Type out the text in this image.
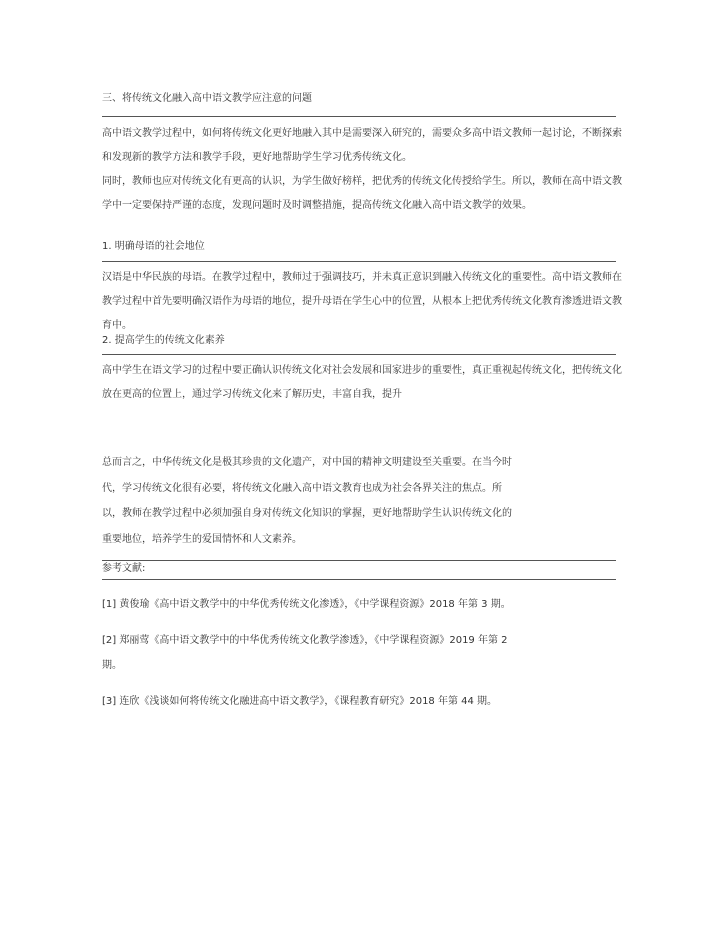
三、将传统文化融入高中语文教学应注意的问题
高中语文教学过程中，如何将传统文化更好地融入其中是需要深入研究的，需要众多高中语文教师一起讨论，不断探索和发现新的教学方法和教学手段，更好地帮助学生学习优秀传统文化。
同时，教师也应对传统文化有更高的认识，为学生做好榜样，把优秀的传统文化传授给学生。所以，教师在高中语文教学中一定要保持严谨的态度，发现问题时及时调整措施，提高传统文化融入高中语文教学的效果。
1. 明确母语的社会地位
汉语是中华民族的母语。在教学过程中，教师过于强调技巧，并未真正意识到融入传统文化的重要性。高中语文教师在教学过程中首先要明确汉语作为母语的地位，提升母语在学生心中的位置，从根本上把优秀传统文化教育渗透进语文教育中。
2. 提高学生的传统文化素养
高中学生在语文学习的过程中要正确认识传统文化对社会发展和国家进步的重要性，真正重视起传统文化，把传统文化放在更高的位置上，通过学习传统文化来了解历史，丰富自我，提升
总而言之，中华传统文化是极其珍贵的文化遗产，对中国的精神文明建设至关重要。在当今时代，学习传统文化很有必要，将传统文化融入高中语文教育也成为社会各界关注的焦点。所以，教师在教学过程中必须加强自身对传统文化知识的掌握，更好地帮助学生认识传统文化的重要地位，培养学生的爱国情怀和人文素养。
参考文献:
[1] 黄俊瑜《高中语文教学中的中华优秀传统文化渗透》，《中学课程资源》2018 年第 3 期。
[2] 郑丽莺《高中语文教学中的中华优秀传统文化教学渗透》，《中学课程资源》2019 年第 2 期。
[3] 连欣《浅谈如何将传统文化融进高中语文教学》，《课程教育研究》2018 年第 44 期。
